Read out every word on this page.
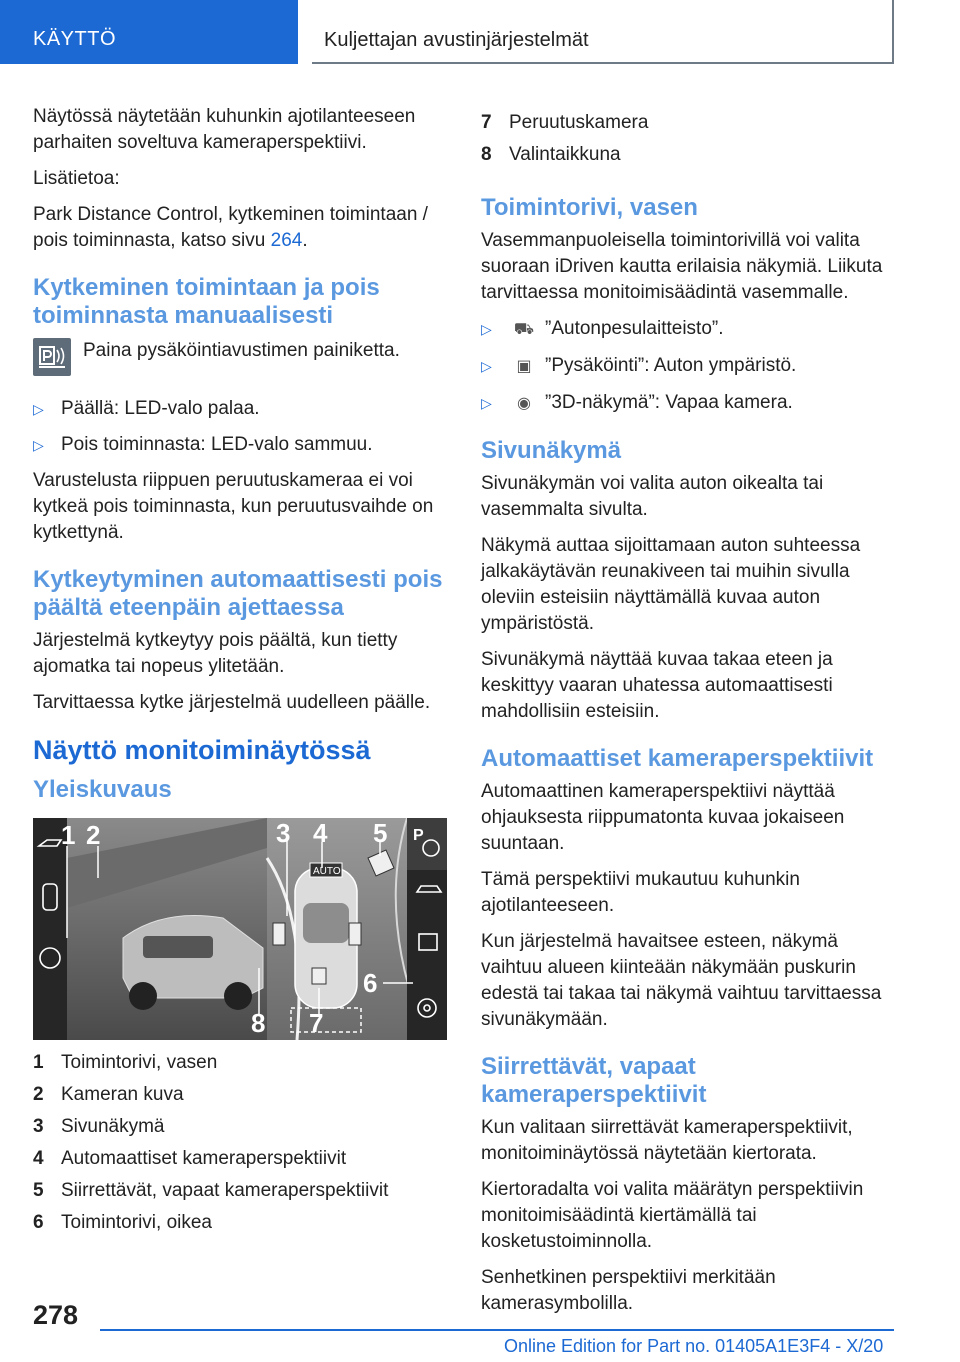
KÄYTTÖ	Kuljettajan avustinjärjestelmät

Näytössä näytetään kuhunkin ajotilanteeseen parhaiten soveltuva kameraperspektiivi.

Lisätietoa:

Park Distance Control, kytkeminen toimintaan / pois toiminnasta, katso sivu 264.

Kytkeminen toimintaan ja pois toiminnasta manuaalisesti
Paina pysäköintiavustimen painiketta.
▷ Päällä: LED-valo palaa.
▷ Pois toiminnasta: LED-valo sammuu.

Varustelusta riippuen peruutuskameraa ei voi kytkeä pois toiminnasta, kun peruutusvaihde on kytkettynä.

Kytkeytyminen automaattisesti pois päältä eteenpäin ajettaessa

Järjestelmä kytkeytyy pois päältä, kun tietty ajomatka tai nopeus ylitetään.

Tarvittaessa kytke järjestelmä uudelleen päälle.

Näyttö monitoiminäytössä
Yleiskuvaus
AUTO
P
1 2	3 4 5
6
7
8
1 Toimintorivi, vasen
2 Kameran kuva
3 Sivunäkymä
4 Automaattiset kameraperspektiivit
5 Siirrettävät, vapaat kameraperspektiivit
6 Toimintorivi, oikea
7 Peruutuskamera
8 Valintaikkuna
Toimintorivi, vasen

Vasemmanpuoleisella toimintorivillä voi valita suoraan iDriven kautta erilaisia näkymiä. Liikuta tarvittaessa monitoimisäädintä vasemmalle.

▷ ⛟ ”Autonpesulaitteisto”.
▷ ▣ ”Pysäköinti”: Auton ympäristö.
▷ ◉ ”3D-näkymä”: Vapaa kamera.
Sivunäkymä

Sivunäkymän voi valita auton oikealta tai vasemmalta sivulta.

Näkymä auttaa sijoittamaan auton suhteessa jalkakäytävän reunakiveen tai muihin sivulla oleviin esteisiin näyttämällä kuvaa auton ympäristöstä.

Sivunäkymä näyttää kuvaa takaa eteen ja keskittyy vaaran uhatessa automaattisesti mahdollisiin esteisiin.

Automaattiset kameraperspektiivit

Automaattinen kameraperspektiivi näyttää ohjauksesta riippumatonta kuvaa jokaiseen suuntaan.

Tämä perspektiivi mukautuu kuhunkin ajotilanteeseen.

Kun järjestelmä havaitsee esteen, näkymä vaihtuu alueen kiinteään näkymään puskurin edestä tai takaa tai näkymä vaihtuu tarvittaessa sivunäkymään.

Siirrettävät, vapaat kameraperspektiivit

Kun valitaan siirrettävät kameraperspektiivit, monitoiminäytössä näytetään kiertorata.

Kiertoradalta voi valita määrätyn perspektiivin monitoimisäädintä kiertämällä tai kosketustoiminnolla.

Senhetkinen perspektiivi merkitään kamerasymbolilla.

278
Online Edition for Part no. 01405A1E3F4 - X/20
